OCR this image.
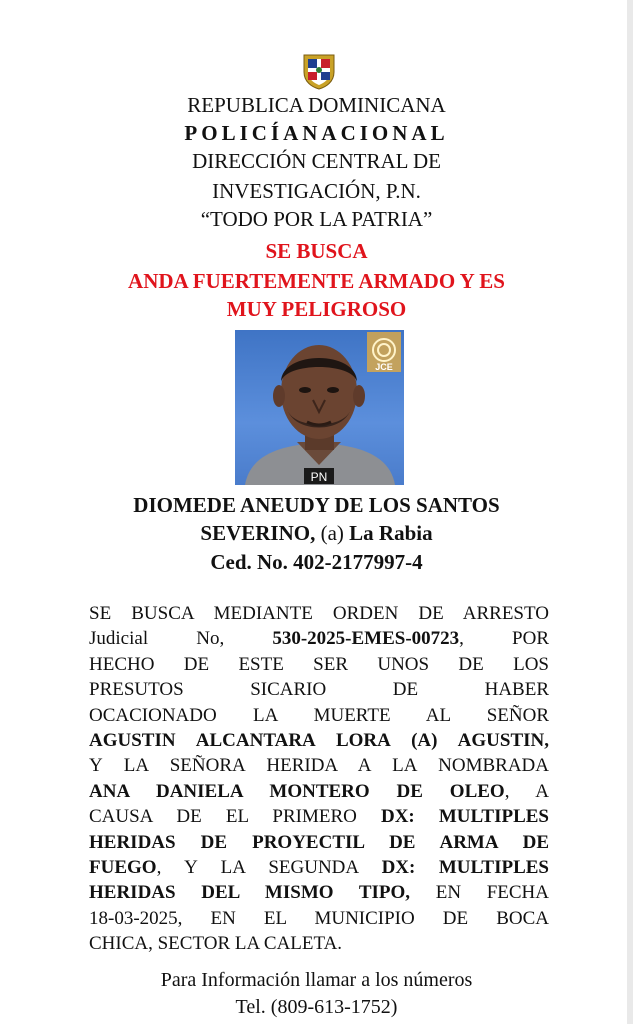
REPUBLICA DOMINICANA
POLICÍANACIONAL
DIRECCIÓN CENTRAL DE
INVESTIGACIÓN, P.N.
“TODO POR LA PATRIA”
SE BUSCA
ANDA FUERTEMENTE ARMADO Y ES
MUY PELIGROSO
JCE
PN
DIOMEDE ANEUDY DE LOS SANTOS
SEVERINO, (a) La Rabia
Ced. No. 402-2177997-4
SE BUSCA MEDIANTE ORDEN DE ARRESTO
Judicial No, 530-2025-EMES-00723, POR
HECHO DE ESTE SER UNOS DE LOS
PRESUTOS SICARIO DE HABER
OCACIONADO LA MUERTE AL SEÑOR
AGUSTIN ALCANTARA LORA (A) AGUSTIN,
Y LA SEÑORA HERIDA A LA NOMBRADA
ANA DANIELA MONTERO DE OLEO, A
CAUSA DE EL PRIMERO DX: MULTIPLES
HERIDAS DE PROYECTIL DE ARMA DE
FUEGO, Y LA SEGUNDA DX: MULTIPLES
HERIDAS DEL MISMO TIPO, EN FECHA
18-03-2025, EN EL MUNICIPIO DE BOCA
CHICA, SECTOR LA CALETA.
Para Información llamar a los números
Tel. (809-613-1752)
